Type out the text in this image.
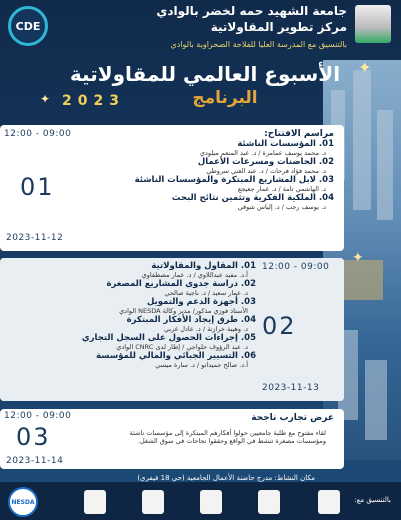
CDE
جامعة الشهيد حمه لخضر بالوادي
مركز تطوير المقاولاتية
بالتنسيق مع المدرسة العليا للفلاحة الصحراوية بالوادي
✦
✦
✦
الأسبوع العالمي للمقاولاتية
البرنامج
2023
12:00 - 09:00
01
2023-11-12
مراسم الافتتاح:
01. المؤسسات الناشئة
د. محمد يوسف عمامرة / د. عبد المنعم ميلودي
02. الحاضنات ومسرعات الأعمال
د. محمد فؤاد فرحات / د. عبد الغني سروطي
03. لابل المشاريع المبتكرة والمؤسسات الناشئة
د. الهاشمي تامة / د. عمار جعيجع
04. الملكية الفكرية وتثمين نتائج البحث
د. يوسف رجب / د. إلياس شوقي
12:00 - 09:00
02
2023-11-13
01. المقاول والمقاولاتية
أ.د. مفيد عبداللاوي / د. عمار مصطفاوي
02. دراسة جدوى المشاريع المصغرة
د. عمار سعيد / د. ناجية صالحي
03. أجهزة الدعم والتمويل
الأستاذ فوزي مذكور/ مدير وكالة NESDA الوادي
04. طرق إيجاد الأفكار المبتكرة
د. وهيبة خرازنة / د. عادل غربي
05. إجراءات الحصول على السجل التجاري
د. عبد الرؤوف حلواجي / إطار لدى CNRC الوادي
06. التسيير الجبائي والمالي للمؤسسة
أ.د. صالح حميداتو / د. سارة ميسي
12:00 - 09:00
03
2023-11-14
عرض تجارب ناجحة
لقاء مفتوح مع طلبة جامعيين حولوا أفكارهم المبتكرة إلى مؤسسات ناشئة
ومؤسسات مصغرة تنشط في الواقع وحققوا نجاحات في سوق الشغل.
مكان النشاط: مدرج حاضنة الأعمال الجامعية (حي 18 فيفري)
NESDA	بالتنسيق مع:
